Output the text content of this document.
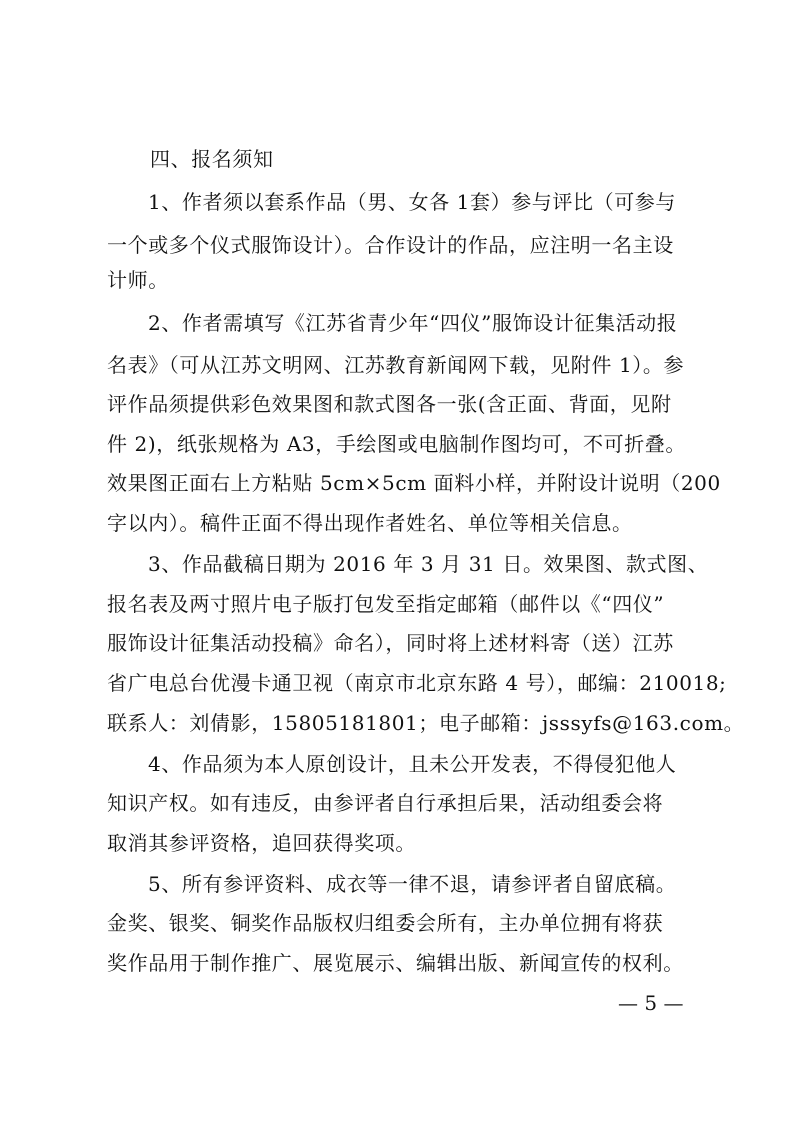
四、报名须知
1、作者须以套系作品（男、女各 1套）参与评比（可参与
一个或多个仪式服饰设计）。合作设计的作品，应注明一名主设
计师。
2、作者需填写《江苏省青少年“四仪”服饰设计征集活动报
名表》（可从江苏文明网、江苏教育新闻网下载，见附件 1）。参
评作品须提供彩色效果图和款式图各一张(含正面、背面，见附
件 2)，纸张规格为 A3，手绘图或电脑制作图均可，不可折叠。
效果图正面右上方粘贴 5cm×5cm 面料小样，并附设计说明（200
字以内）。稿件正面不得出现作者姓名、单位等相关信息。
3、作品截稿日期为 2016 年 3 月 31 日。效果图、款式图、
报名表及两寸照片电子版打包发至指定邮箱（邮件以《“四仪”
服饰设计征集活动投稿》命名），同时将上述材料寄（送）江苏
省广电总台优漫卡通卫视（南京市北京东路 4 号），邮编：210018;
联系人：刘倩影，15805181801；电子邮箱：jsssyfs@163.com。
4、作品须为本人原创设计，且未公开发表，不得侵犯他人
知识产权。如有违反，由参评者自行承担后果，活动组委会将
取消其参评资格，追回获得奖项。
5、所有参评资料、成衣等一律不退，请参评者自留底稿。
金奖、银奖、铜奖作品版权归组委会所有，主办单位拥有将获
奖作品用于制作推广、展览展示、编辑出版、新闻宣传的权利。
— 5 —
